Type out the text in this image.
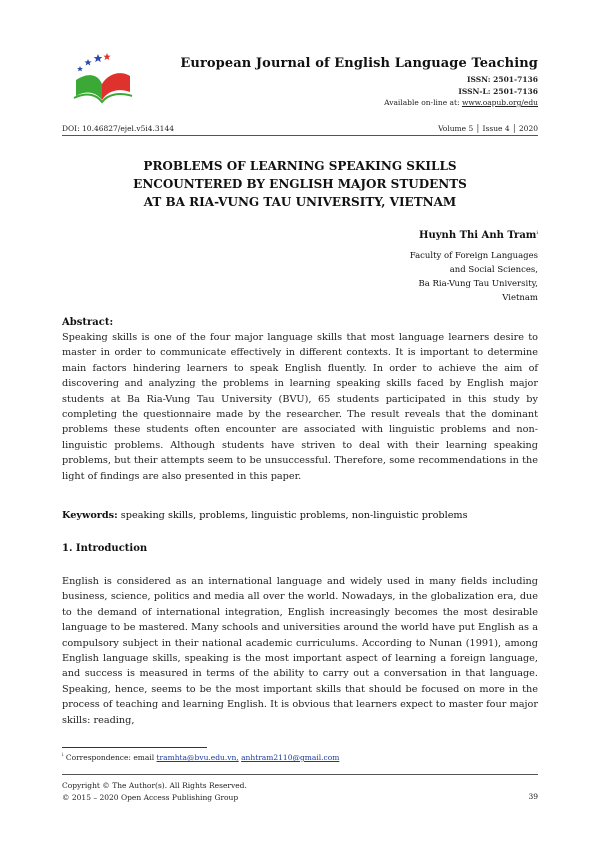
European Journal of English Language Teaching
ISSN: 2501-7136
ISSN-L: 2501-7136
Available on-line at: www.oapub.org/edu
DOI: 10.46827/ejel.v5i4.3144	Volume 5 │ Issue 4 │ 2020
PROBLEMS OF LEARNING SPEAKING SKILLS
ENCOUNTERED BY ENGLISH MAJOR STUDENTS
AT BA RIA-VUNG TAU UNIVERSITY, VIETNAM
Huynh Thi Anh Tram$^i$
Faculty of Foreign Languages
and Social Sciences,
Ba Ria-Vung Tau University,
Vietnam
Abstract:
Speaking skills is one of the four major language skills that most language learners desire to master in order to communicate effectively in different contexts. It is important to determine main factors hindering learners to speak English fluently. In order to achieve the aim of discovering and analyzing the problems in learning speaking skills faced by English major students at Ba Ria-Vung Tau University (BVU), 65 students participated in this study by completing the questionnaire made by the researcher. The result reveals that the dominant problems these students often encounter are associated with linguistic problems and non-linguistic problems. Although students have striven to deal with their learning speaking problems, but their attempts seem to be unsuccessful. Therefore, some recommendations in the light of findings are also presented in this paper.
Keywords: speaking skills, problems, linguistic problems, non-linguistic problems
1. Introduction
English is considered as an international language and widely used in many fields including business, science, politics and media all over the world. Nowadays, in the globalization era, due to the demand of international integration, English increasingly becomes the most desirable language to be mastered. Many schools and universities around the world have put English as a compulsory subject in their national academic curriculums. According to Nunan (1991), among English language skills, speaking is the most important aspect of learning a foreign language, and success is measured in terms of the ability to carry out a conversation in that language. Speaking, hence, seems to be the most important skills that should be focused on more in the process of teaching and learning English. It is obvious that learners expect to master four major skills: reading,
$^i$ Correspondence: email tramhta@bvu.edu.vn, anhtram2110@gmail.com
Copyright © The Author(s). All Rights Reserved.
© 2015 – 2020 Open Access Publishing Group	39
